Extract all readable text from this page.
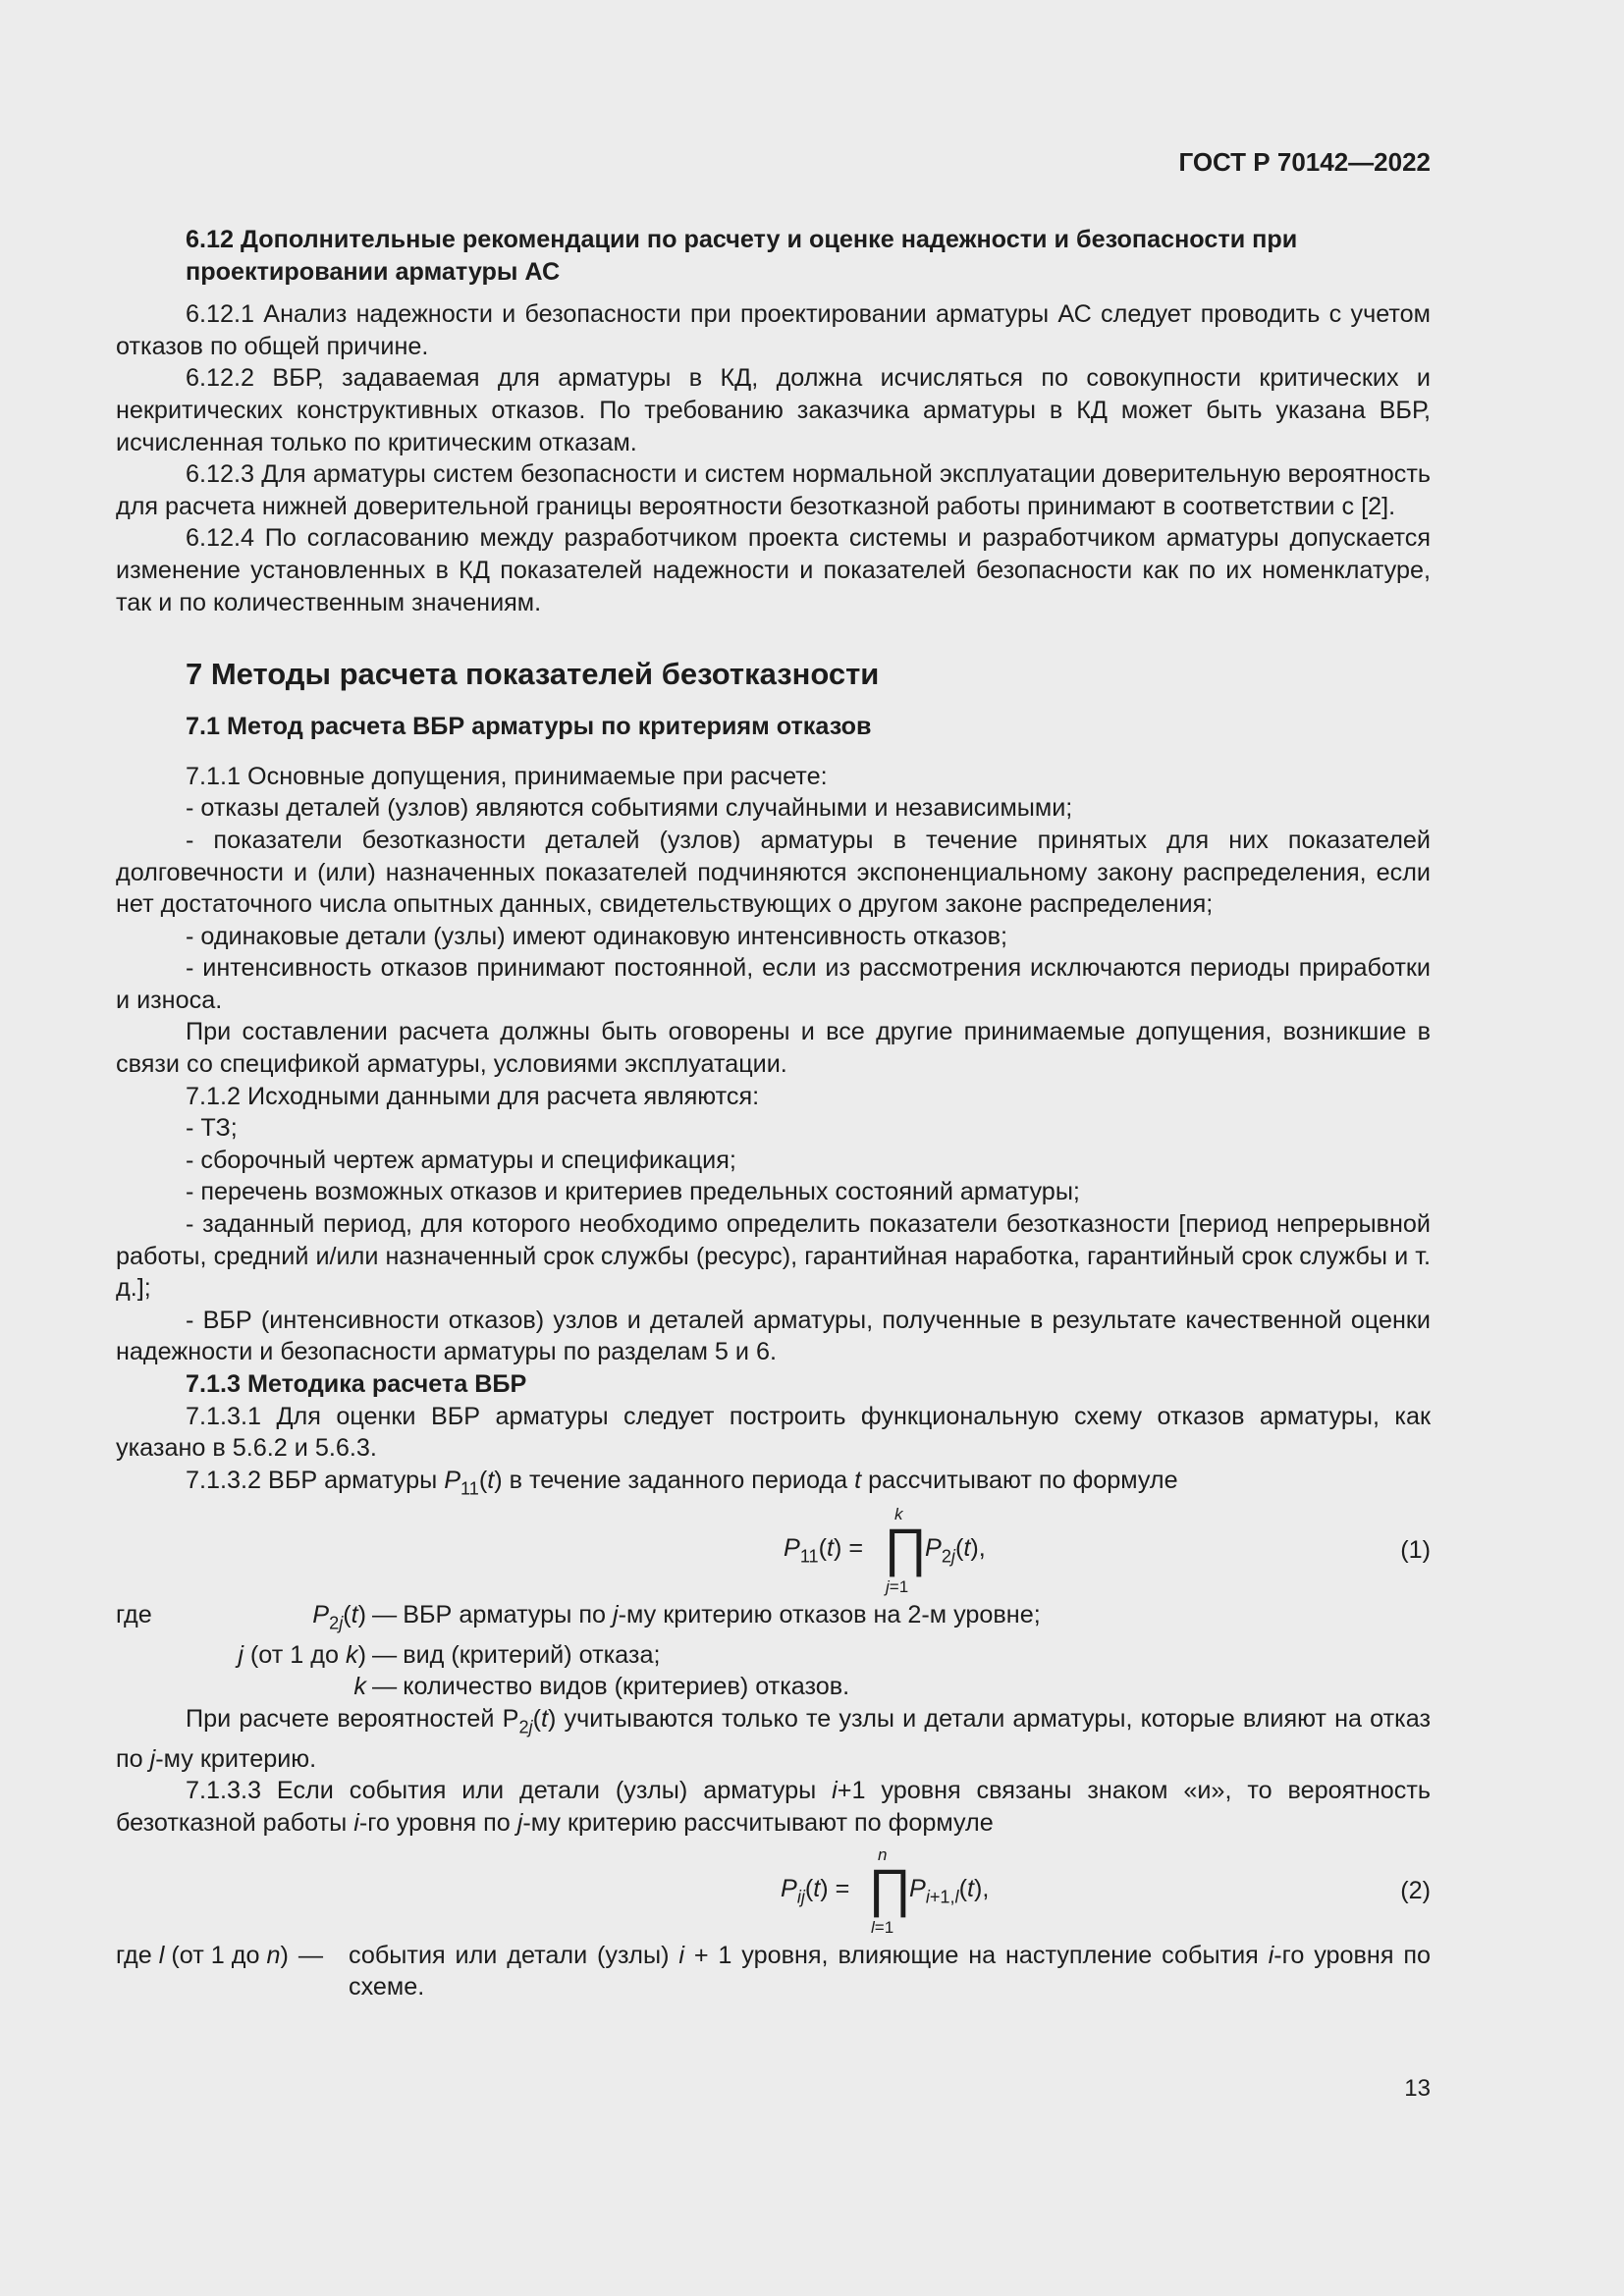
ГОСТ Р 70142—2022

6.12 Дополнительные рекомендации по расчету и оценке надежности и безопасности при проектировании арматуры АС

6.12.1 Анализ надежности и безопасности при проектировании арматуры АС следует проводить с учетом отказов по общей причине.

6.12.2 ВБР, задаваемая для арматуры в КД, должна исчисляться по совокупности критических и некритических конструктивных отказов. По требованию заказчика арматуры в КД может быть указана ВБР, исчисленная только по критическим отказам.

6.12.3 Для арматуры систем безопасности и систем нормальной эксплуатации доверительную вероятность для расчета нижней доверительной границы вероятности безотказной работы принимают в соответствии с [2].

6.12.4 По согласованию между разработчиком проекта системы и разработчиком арматуры допускается изменение установленных в КД показателей надежности и показателей безопасности как по их номенклатуре, так и по количественным значениям.

7 Методы расчета показателей безотказности

7.1 Метод расчета ВБР арматуры по критериям отказов

7.1.1 Основные допущения, принимаемые при расчете:

- отказы деталей (узлов) являются событиями случайными и независимыми;

- показатели безотказности деталей (узлов) арматуры в течение принятых для них показателей долговечности и (или) назначенных показателей подчиняются экспоненциальному закону распределения, если нет достаточного числа опытных данных, свидетельствующих о другом законе распределения;

- одинаковые детали (узлы) имеют одинаковую интенсивность отказов;

- интенсивность отказов принимают постоянной, если из рассмотрения исключаются периоды приработки и износа.

При составлении расчета должны быть оговорены и все другие принимаемые допущения, возникшие в связи со спецификой арматуры, условиями эксплуатации.

7.1.2 Исходными данными для расчета являются:

- ТЗ;

- сборочный чертеж арматуры и спецификация;

- перечень возможных отказов и критериев предельных состояний арматуры;

- заданный период, для которого необходимо определить показатели безотказности [период непрерывной работы, средний и/или назначенный срок службы (ресурс), гарантийная наработка, гарантийный срок службы и т. д.];

- ВБР (интенсивности отказов) узлов и деталей арматуры, полученные в результате качественной оценки надежности и безопасности арматуры по разделам 5 и 6.

7.1.3 Методика расчета ВБР

7.1.3.1 Для оценки ВБР арматуры следует построить функциональную схему отказов арматуры, как указано в 5.6.2 и 5.6.3.

7.1.3.2 ВБР арматуры $P_{11}(t)$ в течение заданного периода t рассчитывают по формуле

$P_{11}(t)$ = ∏
k
j=1
$P_{2j}(t)$,	(1)
где	$P_{2j}(t)$ — ВБР арматуры по j-му критерию отказов на 2-м уровне;
j (от 1 до k) — вид (критерий) отказа;
k — количество видов (критериев) отказов.

При расчете вероятностей $P_{2j}(t)$ учитываются только те узлы и детали арматуры, которые влияют на отказ по j-му критерию.

7.1.3.3 Если события или детали (узлы) арматуры i+1 уровня связаны знаком «и», то вероятность безотказной работы i-го уровня по j-му критерию рассчитывают по формуле

$P_{ij}(t)$ = ∏
n
l=1
$P_{i+1,l}(t)$,	(2)
где l (от 1 до n) —	события или детали (узлы) i + 1 уровня, влияющие на наступление события i-го уровня по схеме.

13
